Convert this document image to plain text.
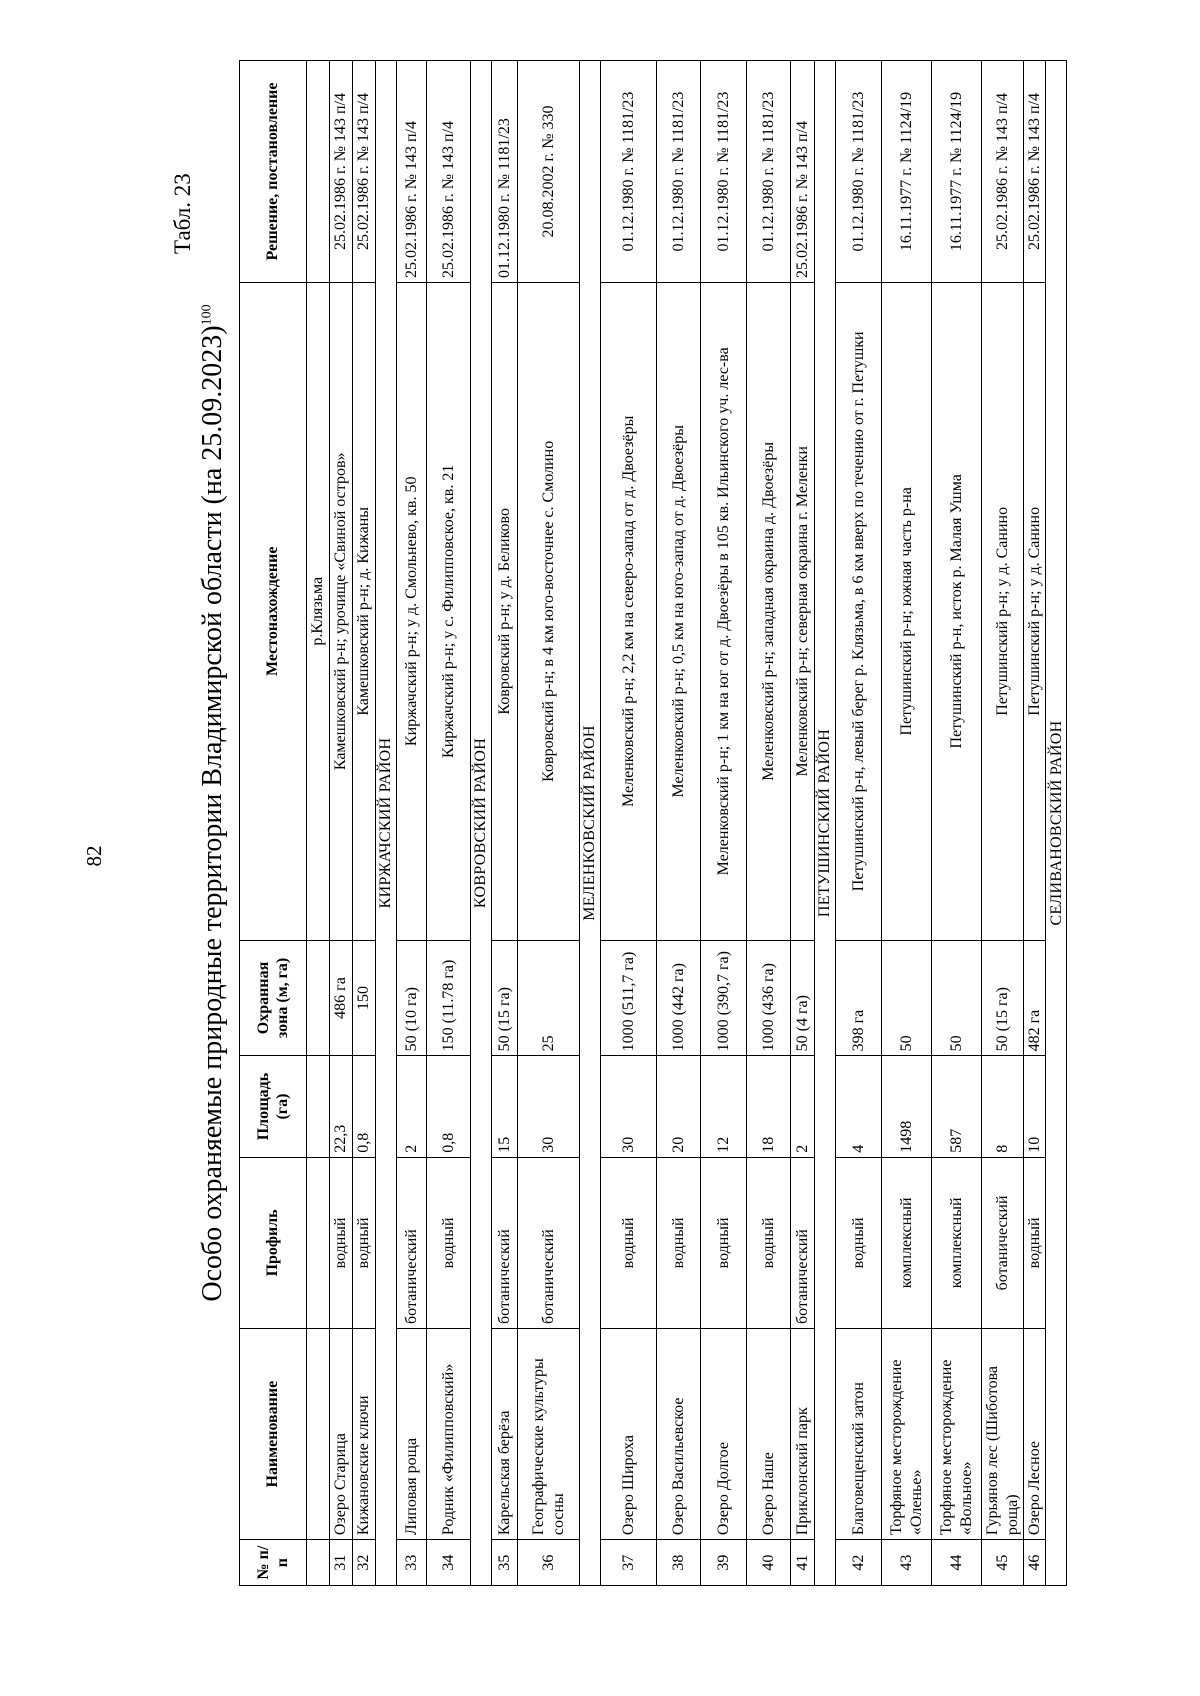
82
Табл. 23
Особо охраняемые природные территории Владимирской области (на 25.09.2023)$^{100}$
№ п/п	Наименование	Профиль	Площадь (га)	Охранная зона (м, га)	Местонахождение	Решение, постановление
					р.Клязьма	
31	Озеро Старица	водный	22,3	486 га	Камешковский р-н; урочище «Свиной остров»	25.02.1986 г. № 143 п/4
32	Кижановские ключи	водный	0,8	150	Камешковский р-н; д. Кижаны	25.02.1986 г. № 143 п/4
КИРЖАЧСКИЙ РАЙОН						
33	Липовая роща	ботанический	2	50 (10 га)	Киржачский р-н; у д. Смольнево, кв. 50	25.02.1986 г. № 143 п/4
34	Родник «Филипповский»	водный	0,8	150 (11.78 га)	Киржачский р-н; у с. Филипповское, кв. 21	25.02.1986 г. № 143 п/4
КОВРОВСКИЙ РАЙОН						
35	Карельская берёза	ботанический	15	50 (15 га)	Ковровский р-н; у д. Беликово	01.12.1980 г. № 1181/23
36	Географические культуры сосны	ботанический	30	25	Ковровский р-н; в 4 км юго-восточнее с. Смолино	20.08.2002 г. № 330
МЕЛЕНКОВСКИЙ РАЙОН						
37	Озеро Широха	водный	30	1000 (511,7 га)	Меленковский р-н; 2,2 км на северо-запад от д. Двоезёры	01.12.1980 г. № 1181/23
38	Озеро Васильевское	водный	20	1000 (442 га)	Меленковский р-н; 0,5 км на юго-запад от д. Двоезёры	01.12.1980 г. № 1181/23
39	Озеро Долгое	водный	12	1000 (390,7 га)	Меленковский р-н; 1 км на юг от д. Двоезёры в 105 кв. Ильинского уч. лес-ва	01.12.1980 г. № 1181/23
40	Озеро Наше	водный	18	1000 (436 га)	Меленковский р-н; западная окраина д. Двоезёры	01.12.1980 г. № 1181/23
41	Приклонский парк	ботанический	2	50 (4 га)	Меленковский р-н; северная окраина г. Меленки	25.02.1986 г. № 143 п/4
ПЕТУШИНСКИЙ РАЙОН						
42	Благовещенский затон	водный	4	398 га	Петушинский р-н, левый берег р. Клязьма, в 6 км вверх по течению от г. Петушки	01.12.1980 г. № 1181/23
43	Торфяное месторождение «Оленье»	комплексный	1498	50	Петушинский р-н; южная часть р-на	16.11.1977 г. № 1124/19
44	Торфяное месторождение «Вольное»	комплексный	587	50	Петушинский р-н, исток р. Малая Ушма	16.11.1977 г. № 1124/19
45	Гурьянов лес (Шиботова роща)	ботанический	8	50 (15 га)	Петушинский р-н; у д. Санино	25.02.1986 г. № 143 п/4
46	Озеро Лесное	водный	10	482 га	Петушинский р-н; у д. Санино	25.02.1986 г. № 143 п/4
СЕЛИВАНОВСКИЙ РАЙОН						
